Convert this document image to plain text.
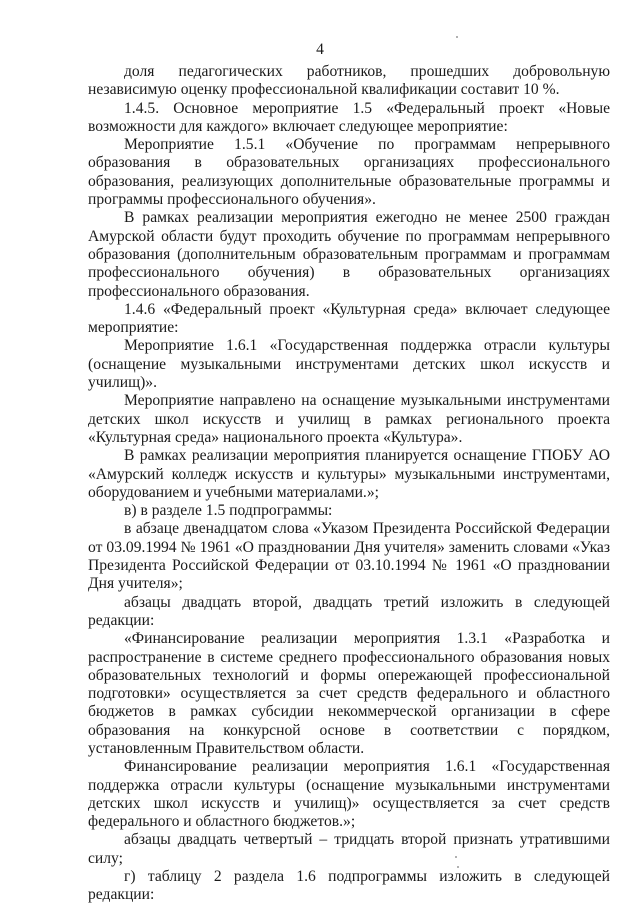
4

доля педагогических работников, прошедших добровольную независимую оценку профессиональной квалификации составит 10 %.

1.4.5. Основное мероприятие 1.5 «Федеральный проект «Новые возможности для каждого» включает следующее мероприятие:

Мероприятие 1.5.1 «Обучение по программам непрерывного образования в образовательных организациях профессионального образования, реализующих дополнительные образовательные программы и программы профессионального обучения».

В рамках реализации мероприятия ежегодно не менее 2500 граждан Амурской области будут проходить обучение по программам непрерывного образования (дополнительным образовательным программам и программам профессионального обучения) в образовательных организациях профессионального образования.

1.4.6 «Федеральный проект «Культурная среда» включает следующее мероприятие:

Мероприятие 1.6.1 «Государственная поддержка отрасли культуры (оснащение музыкальными инструментами детских школ искусств и училищ)».

Мероприятие направлено на оснащение музыкальными инструментами детских школ искусств и училищ в рамках регионального проекта «Культурная среда» национального проекта «Культура».

В рамках реализации мероприятия планируется оснащение ГПОБУ АО «Амурский колледж искусств и культуры» музыкальными инструментами, оборудованием и учебными материалами.»;

в) в разделе 1.5 подпрограммы:

в абзаце двенадцатом слова «Указом Президента Российской Федерации от 03.09.1994 № 1961 «О праздновании Дня учителя» заменить словами «Указ Президента Российской Федерации от 03.10.1994 № 1961 «О праздновании Дня учителя»;

абзацы двадцать второй, двадцать третий изложить в следующей редакции:

«Финансирование реализации мероприятия 1.3.1 «Разработка и распространение в системе среднего профессионального образования новых образовательных технологий и формы опережающей профессиональной подготовки» осуществляется за счет средств федерального и областного бюджетов в рамках субсидии некоммерческой организации в сфере образования на конкурсной основе в соответствии с порядком, установленным Правительством области.

Финансирование реализации мероприятия 1.6.1 «Государственная поддержка отрасли культуры (оснащение музыкальными инструментами детских школ искусств и училищ)» осуществляется за счет средств федерального и областного бюджетов.»;

абзацы двадцать четвертый – тридцать второй признать утратившими силу;

г) таблицу 2 раздела 1.6 подпрограммы изложить в следующей редакции:
